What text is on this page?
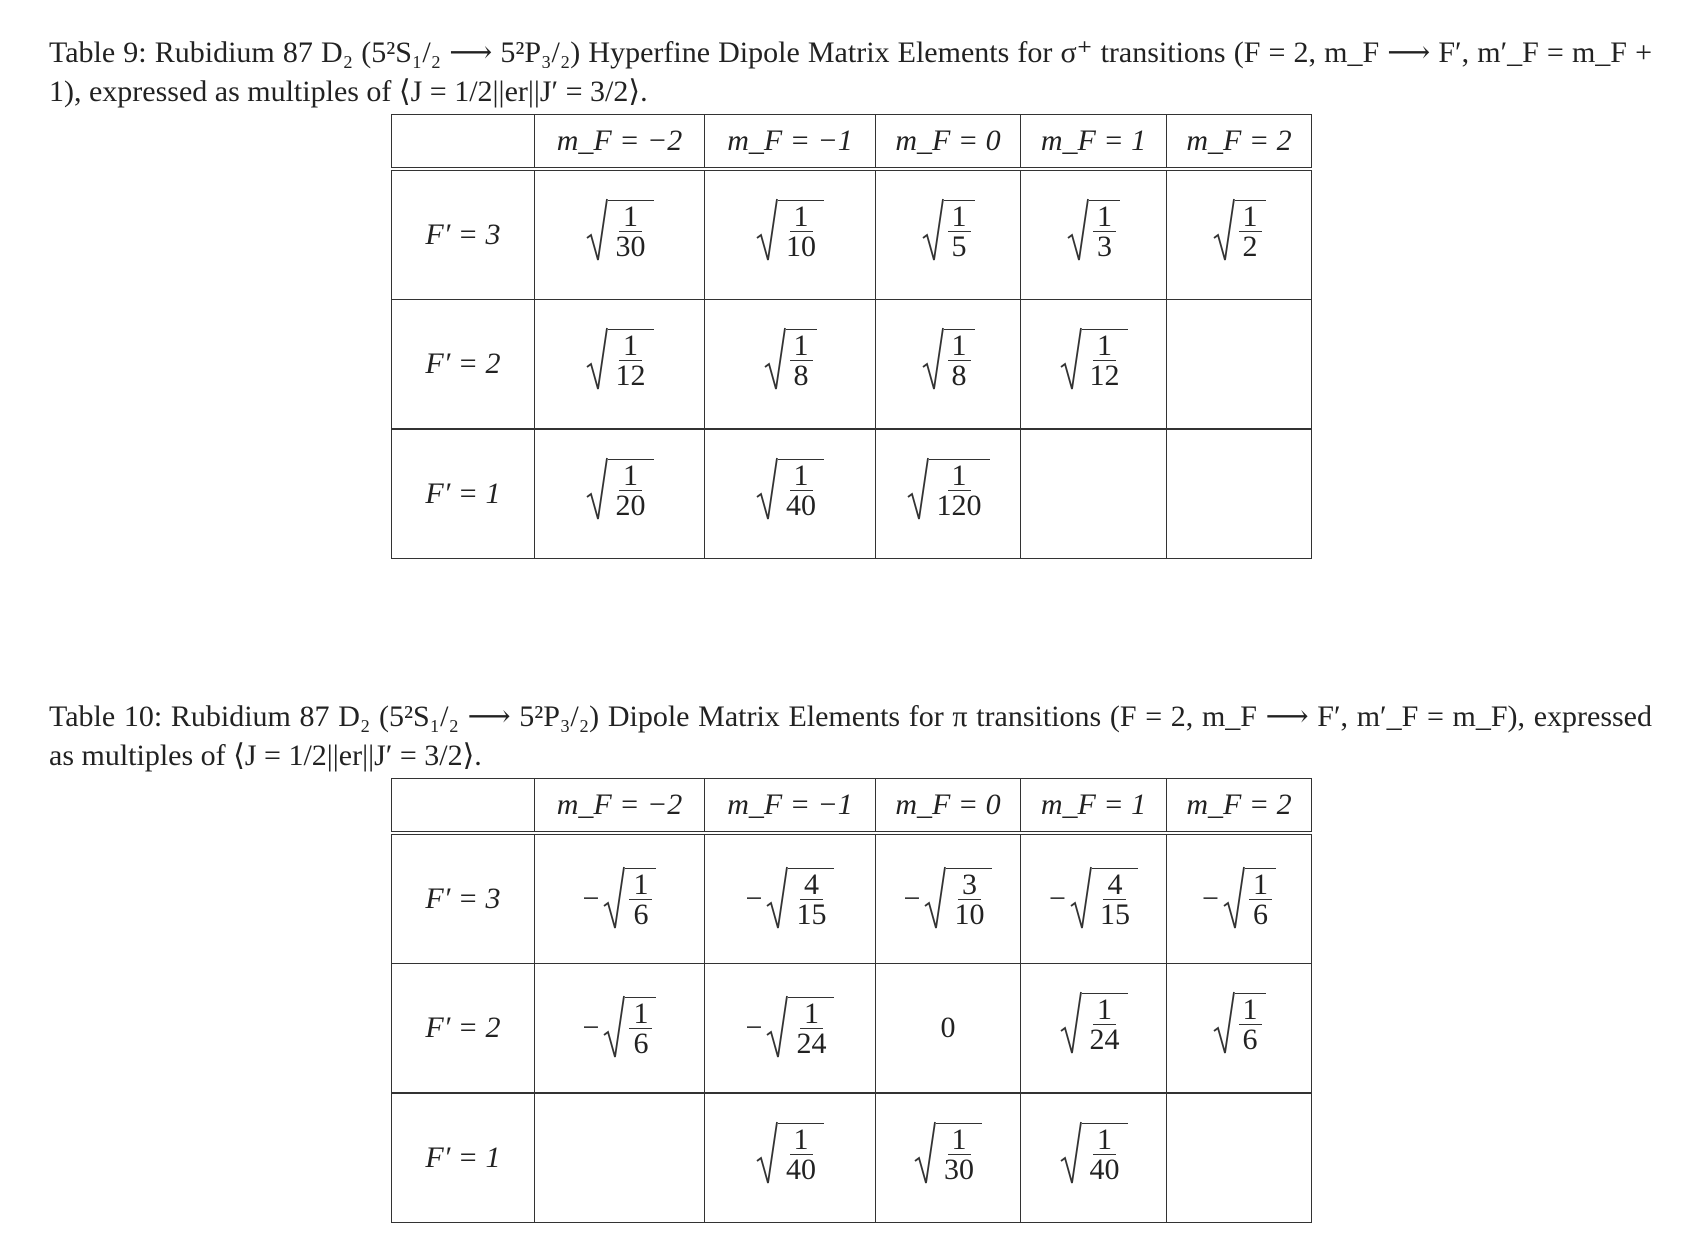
Table 9: Rubidium 87 D₂ (5²S₁/₂ ⟶ 5²P₃/₂) Hyperfine Dipole Matrix Elements for σ⁺ transitions (F = 2, m_F ⟶ F′, m′_F = m_F + 1), expressed as multiples of ⟨J = 1/2||er||J′ = 3/2⟩.
	m_F = −2	m_F = −1	m_F = 0	m_F = 1	m_F = 2
F′ = 3	$\frac{1}{30}$	$\frac{1}{10}$	$\frac{1}{5}$	$\frac{1}{3}$	$\frac{1}{2}$

F′ = 2	$\frac{1}{12}$	$\frac{1}{8}$	$\frac{1}{8}$	$\frac{1}{12}$

F′ = 1	$\frac{1}{20}$	$\frac{1}{40}$	$\frac{1}{120}$

Table 10: Rubidium 87 D₂ (5²S₁/₂ ⟶ 5²P₃/₂) Dipole Matrix Elements for π transitions (F = 2, m_F ⟶ F′, m′_F = m_F), expressed as multiples of ⟨J = 1/2||er||J′ = 3/2⟩.
	m_F = −2	m_F = −1	m_F = 0	m_F = 1	m_F = 2
F′ = 3	− $\frac{1}{6}$	− $\frac{4}{15}$	− $\frac{3}{10}$	− $\frac{4}{15}$	− $\frac{1}{6}$

F′ = 2	− $\frac{1}{6}$	− $\frac{1}{24}$	0	$\frac{1}{24}$	$\frac{1}{6}$

F′ = 1		$\frac{1}{40}$	$\frac{1}{30}$	$\frac{1}{40}$
